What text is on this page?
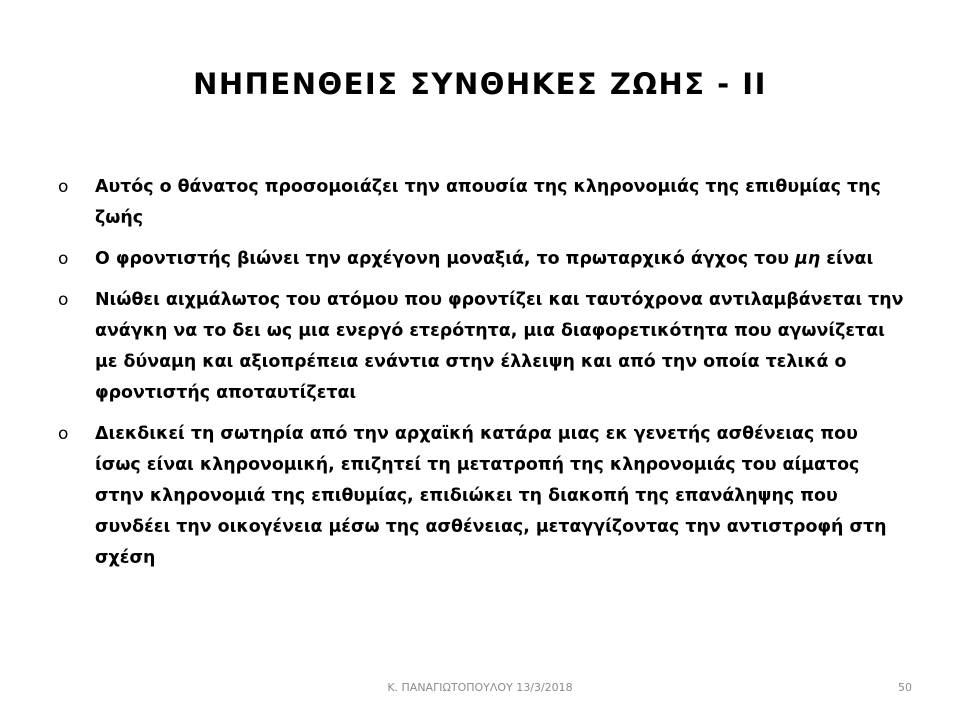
ΝΗΠΕΝΘΕΙΣ ΣΥΝΘΗΚΕΣ ΖΩΗΣ - ΙΙ
o Αυτός ο θάνατος προσομοιάζει την απουσία της κληρονομιάς της επιθυμίας της ζωής
o Ο φροντιστής βιώνει την αρχέγονη μοναξιά, το πρωταρχικό άγχος του μη είναι
o Νιώθει αιχμάλωτος του ατόμου που φροντίζει και ταυτόχρονα αντιλαμβάνεται την ανάγκη να το δει ως μια ενεργό ετερότητα, μια διαφορετικότητα που αγωνίζεται με δύναμη και αξιοπρέπεια ενάντια στην έλλειψη και από την οποία τελικά ο φροντιστής αποταυτίζεται
o Διεκδικεί τη σωτηρία από την αρχαϊκή κατάρα μιας εκ γενετής ασθένειας που ίσως είναι κληρονομική, επιζητεί τη μετατροπή της κληρονομιάς του αίματος στην κληρονομιά της επιθυμίας, επιδιώκει τη διακοπή της επανάληψης που συνδέει την οικογένεια μέσω της ασθένειας, μεταγγίζοντας την αντιστροφή στη σχέση
Κ. ΠΑΝΑΓΙΩΤΟΠΟΥΛΟΥ 13/3/2018	50
